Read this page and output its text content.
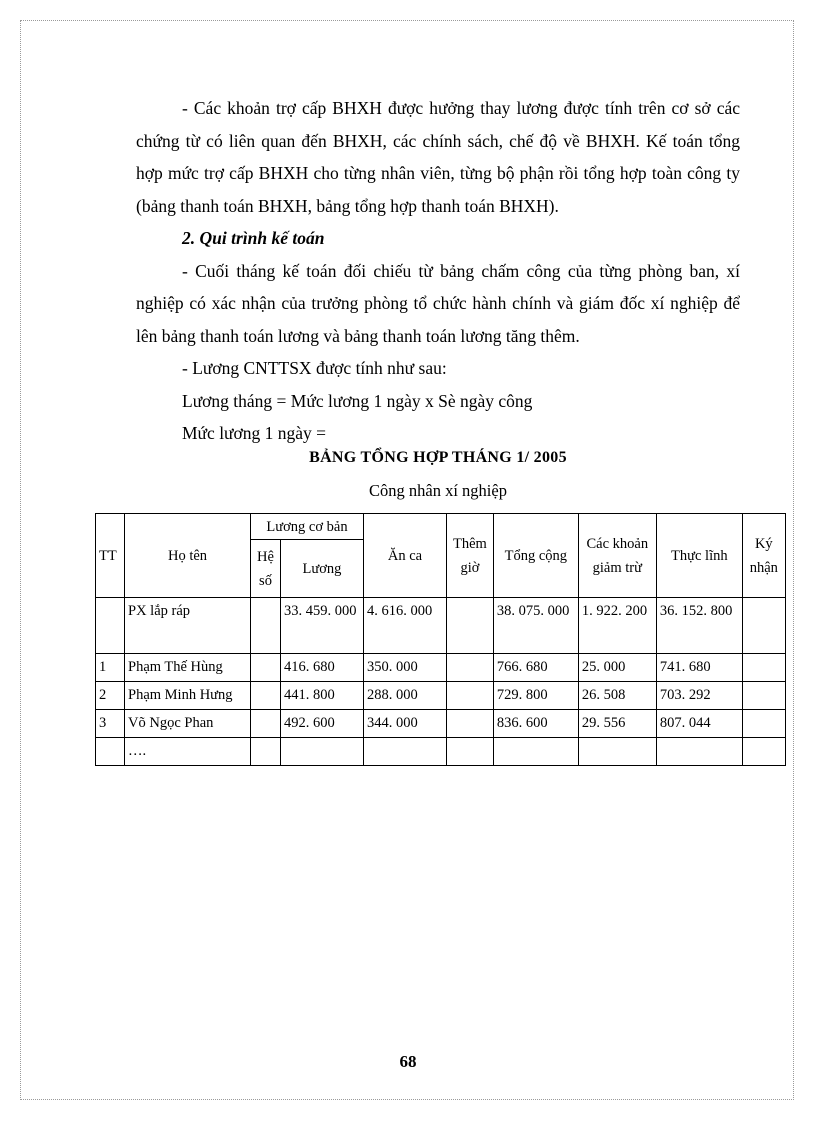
- Các khoản trợ cấp BHXH được hưởng thay lương được tính trên cơ sở các chứng từ có liên quan đến BHXH, các chính sách, chế độ về BHXH. Kế toán tổng hợp mức trợ cấp BHXH cho từng nhân viên, từng bộ phận rồi tổng hợp toàn công ty (bảng thanh toán BHXH, bảng tổng hợp thanh toán BHXH).

2. Qui trình kế toán

- Cuối tháng kế toán đối chiếu từ bảng chấm công của từng phòng ban, xí nghiệp có xác nhận của trưởng phòng tổ chức hành chính và giám đốc xí nghiệp để lên bảng thanh toán lương và bảng thanh toán lương tăng thêm.

- Lương CNTTSX được tính như sau:

Lương tháng = Mức lương 1 ngày x Sè ngày công

Mức lương 1 ngày =

BẢNG TỔNG HỢP THÁNG 1/ 2005
Công nhân xí nghiệp
TT	Họ tên	Lương cơ bản		Ăn ca	Thêm giờ	Tổng cộng	Các khoản giảm trừ	Thực lĩnh	Ký nhận
		Hệ số	Lương						
	PX lắp ráp		33. 459. 000	4. 616. 000		38. 075. 000	1. 922. 200	36. 152. 800	
1	Phạm Thế Hùng		416. 680	350. 000		766. 680	25. 000	741. 680	
2	Phạm Minh Hưng		441. 800	288. 000		729. 800	26. 508	703. 292	
3	Võ Ngọc Phan		492. 600	344. 000		836. 600	29. 556	807. 044	
	….								
68
